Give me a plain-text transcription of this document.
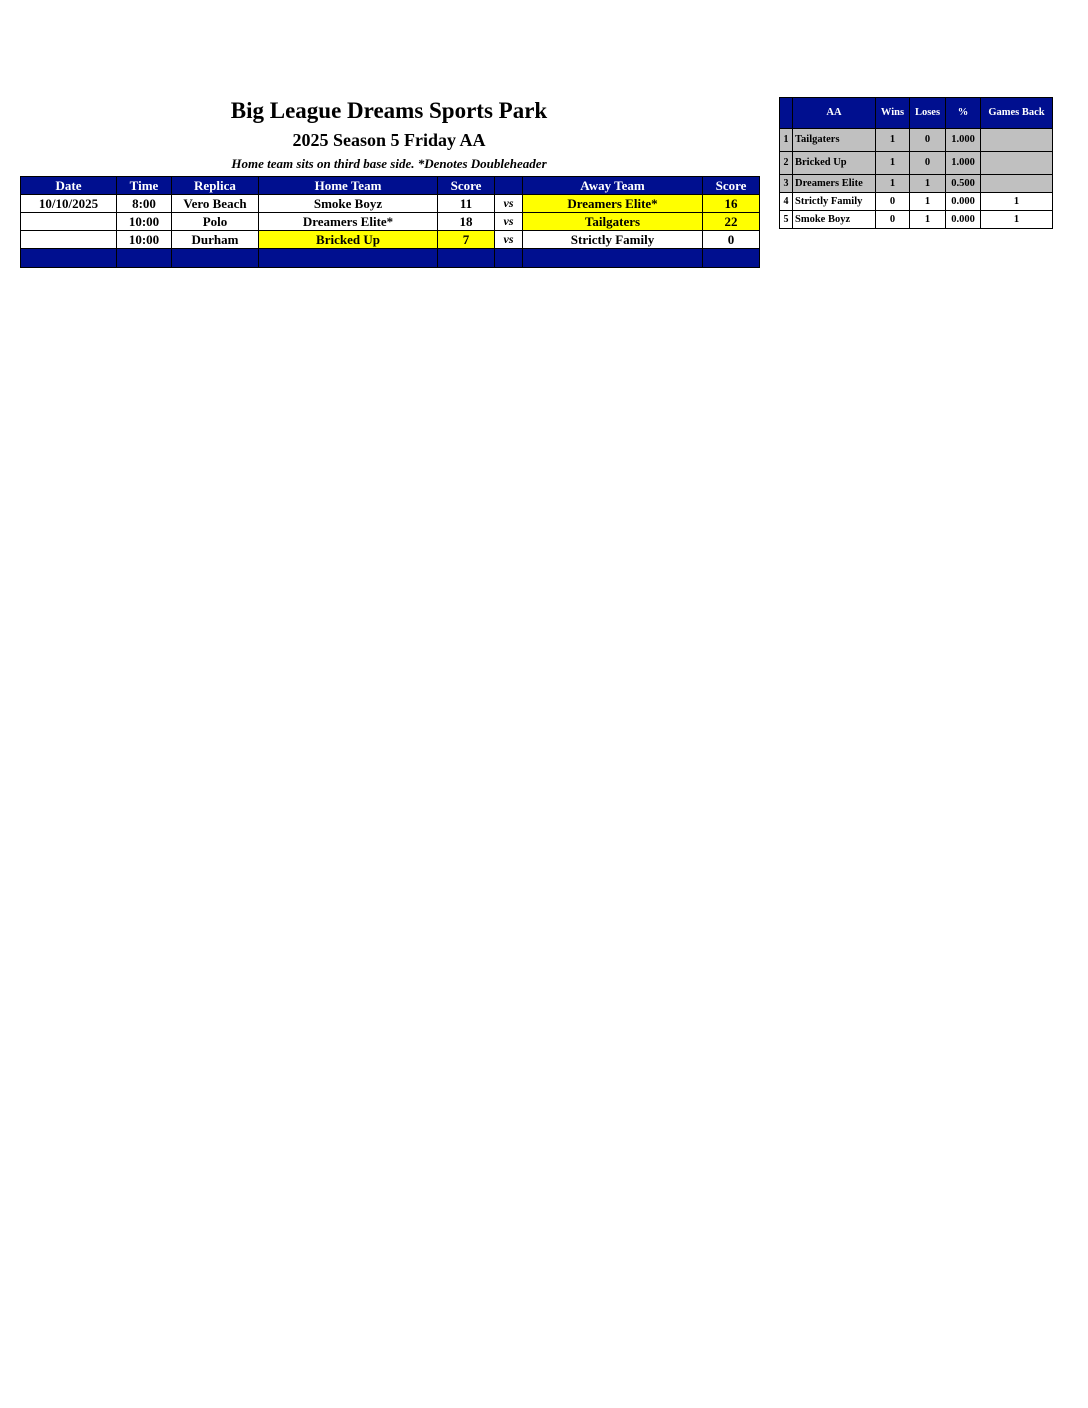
Big League Dreams Sports Park
2025 Season 5 Friday AA
Home team sits on third base side. *Denotes Doubleheader
Date	Time	Replica	Home Team	Score		Away Team	Score
10/10/2025	8:00	Vero Beach	Smoke Boyz	11	vs	Dreamers Elite*	16
	10:00	Polo	Dreamers Elite*	18	vs	Tailgaters	22
	10:00	Durham	Bricked Up	7	vs	Strictly Family	0

	AA	Wins	Loses	%	Games Back
1	Tailgaters	1	0	1.000	
2	Bricked Up	1	0	1.000	
3	Dreamers Elite	1	1	0.500	
4	Strictly Family	0	1	0.000	1
5	Smoke Boyz	0	1	0.000	1
